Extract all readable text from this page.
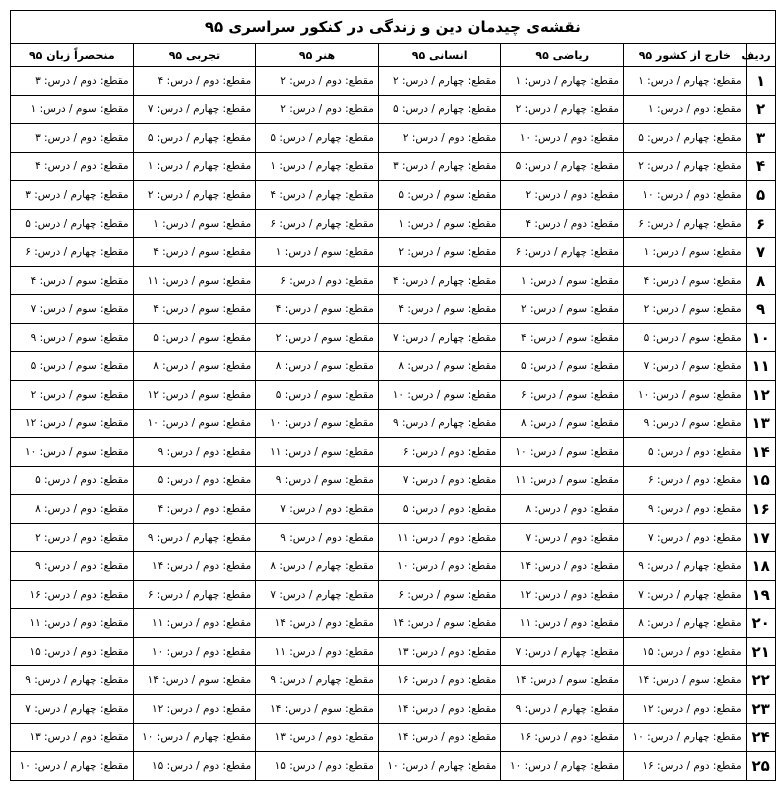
نقشه‌ی چیدمان دین و زندگی در کنکور سراسری ۹۵						
ردیف	خارج از کشور ۹۵	ریاضی ۹۵	انسانی ۹۵	هنر ۹۵	تجربی ۹۵	منحصراً زبان ۹۵
۱	مقطع: چهارم / درس: ۱	مقطع: چهارم / درس: ۱	مقطع: چهارم / درس: ۲	مقطع: دوم / درس: ۲	مقطع: دوم / درس: ۴	مقطع: دوم / درس: ۳
۲	مقطع: دوم / درس: ۱	مقطع: چهارم / درس: ۲	مقطع: چهارم / درس: ۵	مقطع: دوم / درس: ۲	مقطع: چهارم / درس: ۷	مقطع: سوم / درس: ۱
۳	مقطع: چهارم / درس: ۵	مقطع: دوم / درس: ۱۰	مقطع: دوم / درس: ۲	مقطع: چهارم / درس: ۵	مقطع: چهارم / درس: ۵	مقطع: دوم / درس: ۳
۴	مقطع: چهارم / درس: ۲	مقطع: چهارم / درس: ۵	مقطع: چهارم / درس: ۳	مقطع: چهارم / درس: ۱	مقطع: چهارم / درس: ۱	مقطع: دوم / درس: ۴
۵	مقطع: دوم / درس: ۱۰	مقطع: دوم / درس: ۲	مقطع: سوم / درس: ۵	مقطع: چهارم / درس: ۴	مقطع: چهارم / درس: ۲	مقطع: چهارم / درس: ۳
۶	مقطع: چهارم / درس: ۶	مقطع: دوم / درس: ۴	مقطع: سوم / درس: ۱	مقطع: چهارم / درس: ۶	مقطع: سوم / درس: ۱	مقطع: چهارم / درس: ۵
۷	مقطع: سوم / درس: ۱	مقطع: چهارم / درس: ۶	مقطع: سوم / درس: ۲	مقطع: سوم / درس: ۱	مقطع: سوم / درس: ۴	مقطع: چهارم / درس: ۶
۸	مقطع: سوم / درس: ۴	مقطع: سوم / درس: ۱	مقطع: چهارم / درس: ۴	مقطع: دوم / درس: ۶	مقطع: سوم / درس: ۱۱	مقطع: سوم / درس: ۴
۹	مقطع: سوم / درس: ۲	مقطع: سوم / درس: ۲	مقطع: سوم / درس: ۴	مقطع: سوم / درس: ۴	مقطع: سوم / درس: ۴	مقطع: سوم / درس: ۷
۱۰	مقطع: سوم / درس: ۵	مقطع: سوم / درس: ۴	مقطع: چهارم / درس: ۷	مقطع: سوم / درس: ۲	مقطع: سوم / درس: ۵	مقطع: سوم / درس: ۹
۱۱	مقطع: سوم / درس: ۷	مقطع: سوم / درس: ۵	مقطع: سوم / درس: ۸	مقطع: سوم / درس: ۸	مقطع: سوم / درس: ۸	مقطع: سوم / درس: ۵
۱۲	مقطع: سوم / درس: ۱۰	مقطع: سوم / درس: ۶	مقطع: سوم / درس: ۱۰	مقطع: سوم / درس: ۵	مقطع: سوم / درس: ۱۲	مقطع: سوم / درس: ۲
۱۳	مقطع: سوم / درس: ۹	مقطع: سوم / درس: ۸	مقطع: چهارم / درس: ۹	مقطع: سوم / درس: ۱۰	مقطع: سوم / درس: ۱۰	مقطع: سوم / درس: ۱۲
۱۴	مقطع: دوم / درس: ۵	مقطع: سوم / درس: ۱۰	مقطع: دوم / درس: ۶	مقطع: سوم / درس: ۱۱	مقطع: دوم / درس: ۹	مقطع: سوم / درس: ۱۰
۱۵	مقطع: دوم / درس: ۶	مقطع: سوم / درس: ۱۱	مقطع: دوم / درس: ۷	مقطع: سوم / درس: ۹	مقطع: دوم / درس: ۵	مقطع: دوم / درس: ۵
۱۶	مقطع: دوم / درس: ۹	مقطع: دوم / درس: ۸	مقطع: دوم / درس: ۵	مقطع: دوم / درس: ۷	مقطع: دوم / درس: ۴	مقطع: دوم / درس: ۸
۱۷	مقطع: دوم / درس: ۷	مقطع: دوم / درس: ۷	مقطع: دوم / درس: ۱۱	مقطع: دوم / درس: ۹	مقطع: چهارم / درس: ۹	مقطع: دوم / درس: ۲
۱۸	مقطع: چهارم / درس: ۹	مقطع: دوم / درس: ۱۴	مقطع: دوم / درس: ۱۰	مقطع: چهارم / درس: ۸	مقطع: دوم / درس: ۱۴	مقطع: دوم / درس: ۹
۱۹	مقطع: چهارم / درس: ۷	مقطع: دوم / درس: ۱۲	مقطع: سوم / درس: ۶	مقطع: چهارم / درس: ۷	مقطع: چهارم / درس: ۶	مقطع: دوم / درس: ۱۶
۲۰	مقطع: چهارم / درس: ۸	مقطع: دوم / درس: ۱۱	مقطع: سوم / درس: ۱۴	مقطع: دوم / درس: ۱۴	مقطع: دوم / درس: ۱۱	مقطع: دوم / درس: ۱۱
۲۱	مقطع: دوم / درس: ۱۵	مقطع: چهارم / درس: ۷	مقطع: دوم / درس: ۱۳	مقطع: دوم / درس: ۱۱	مقطع: دوم / درس: ۱۰	مقطع: دوم / درس: ۱۵
۲۲	مقطع: سوم / درس: ۱۴	مقطع: سوم / درس: ۱۴	مقطع: دوم / درس: ۱۶	مقطع: چهارم / درس: ۹	مقطع: سوم / درس: ۱۴	مقطع: چهارم / درس: ۹
۲۳	مقطع: دوم / درس: ۱۲	مقطع: چهارم / درس: ۹	مقطع: دوم / درس: ۱۴	مقطع: سوم / درس: ۱۴	مقطع: دوم / درس: ۱۲	مقطع: چهارم / درس: ۷
۲۴	مقطع: چهارم / درس: ۱۰	مقطع: دوم / درس: ۱۶	مقطع: دوم / درس: ۱۴	مقطع: دوم / درس: ۱۳	مقطع: چهارم / درس: ۱۰	مقطع: دوم / درس: ۱۳
۲۵	مقطع: دوم / درس: ۱۶	مقطع: چهارم / درس: ۱۰	مقطع: چهارم / درس: ۱۰	مقطع: دوم / درس: ۱۵	مقطع: دوم / درس: ۱۵	مقطع: چهارم / درس: ۱۰
